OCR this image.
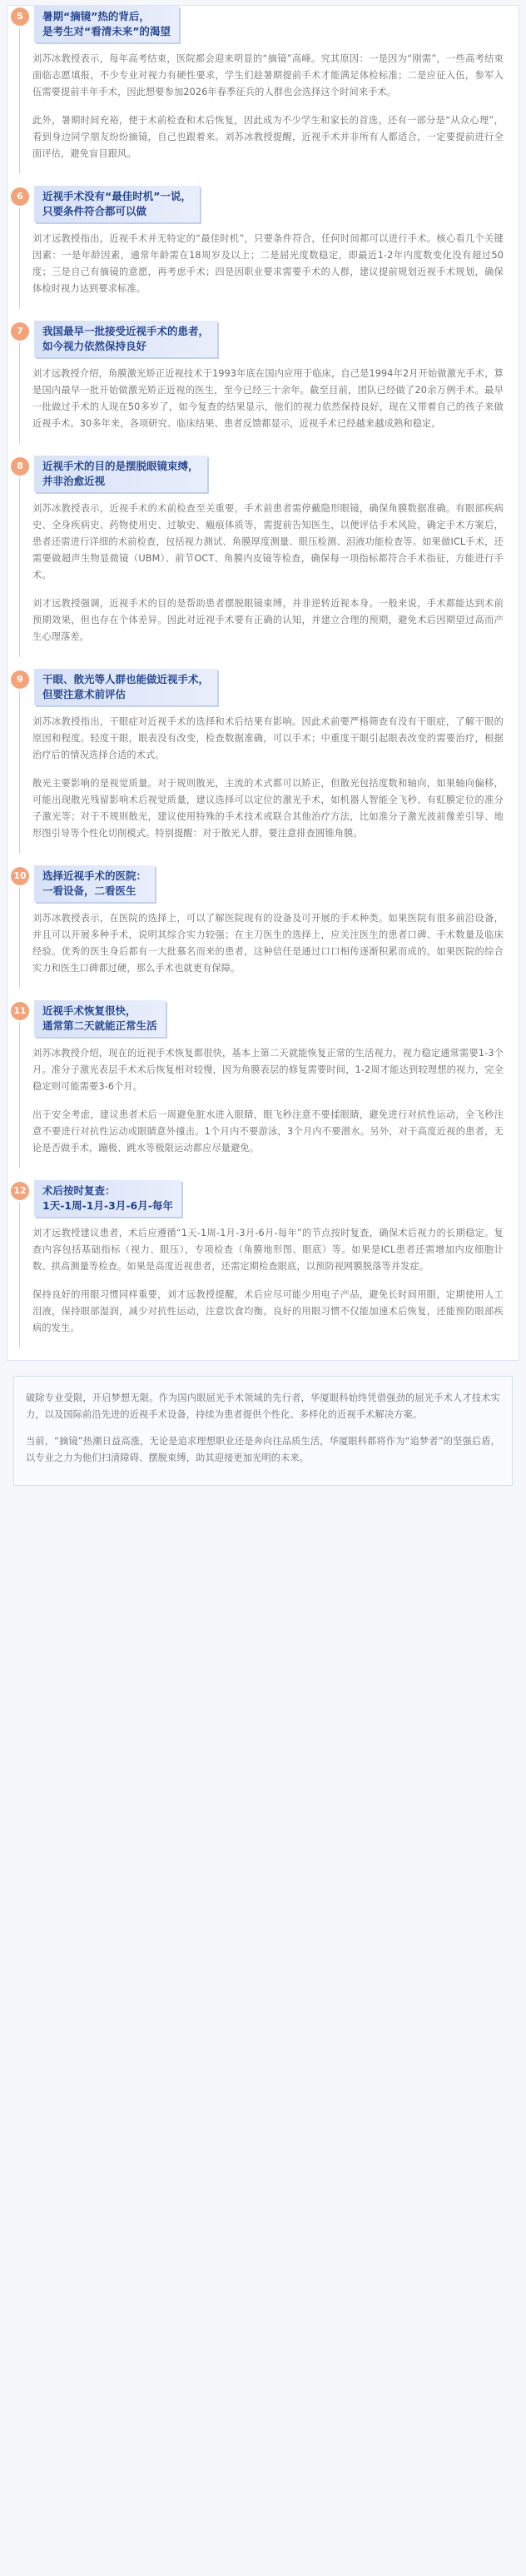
5	暑期“摘镜”热的背后，
是考生对“看清未来”的渴望

刘苏冰教授表示，每年高考结束，医院都会迎来明显的“摘镜”高峰。究其原因：一是因为“刚需”，一些高考结束面临志愿填报，不少专业对视力有硬性要求，学生们趁暑期提前手术才能满足体检标准；二是应征入伍，参军入伍需要提前半年手术，因此想要参加2026年春季征兵的人群也会选择这个时间来手术。

此外，暑期时间充裕，便于术前检查和术后恢复，因此成为不少学生和家长的首选。还有一部分是“从众心理”，看到身边同学朋友纷纷摘镜，自己也跟着来。刘苏冰教授提醒，近视手术并非所有人都适合，一定要提前进行全面评估，避免盲目跟风。

6	近视手术没有“最佳时机”一说，
只要条件符合都可以做

刘才远教授指出，近视手术并无特定的“最佳时机”，只要条件符合，任何时间都可以进行手术。核心看几个关键因素：一是年龄因素，通常年龄需在18周岁及以上；二是屈光度数稳定，即最近1-2年内度数变化没有超过50度；三是自己有摘镜的意愿，再考虑手术；四是因职业要求需要手术的人群，建议提前规划近视手术规划，确保体检时视力达到要求标准。

7	我国最早一批接受近视手术的患者，
如今视力依然保持良好

刘才远教授介绍，角膜激光矫正近视技术于1993年底在国内应用于临床，自己是1994年2月开始做激光手术，算是国内最早一批开始做激光矫正近视的医生，至今已经三十余年。截至目前，团队已经做了20余万例手术。最早一批做过手术的人现在50多岁了，如今复查的结果显示，他们的视力依然保持良好，现在又带着自己的孩子来做近视手术。30多年来，各项研究、临床结果、患者反馈都显示，近视手术已经越来越成熟和稳定。

8	近视手术的目的是摆脱眼镜束缚，
并非治愈近视

刘苏冰教授表示，近视手术的术前检查至关重要。手术前患者需停戴隐形眼镜，确保角膜数据准确。有眼部疾病史、全身疾病史、药物使用史、过敏史、瘢痕体质等，需提前告知医生，以便评估手术风险，确定手术方案后，患者还需进行详细的术前检查，包括视力测试、角膜厚度测量、眼压检测、泪液功能检查等。如果做ICL手术，还需要做超声生物显微镜（UBM）、前节OCT、角膜内皮镜等检查，确保每一项指标都符合手术指征，方能进行手术。

刘才远教授强调，近视手术的目的是帮助患者摆脱眼镜束缚，并非逆转近视本身。一般来说，手术都能达到术前预期效果，但也存在个体差异。因此对近视手术要有正确的认知，并建立合理的预期，避免术后因期望过高而产生心理落差。

9	干眼、散光等人群也能做近视手术，
但要注意术前评估

刘苏冰教授指出，干眼症对近视手术的选择和术后结果有影响。因此术前要严格筛查有没有干眼症，了解干眼的原因和程度。轻度干眼，眼表没有改变，检查数据准确，可以手术；中重度干眼引起眼表改变的需要治疗，根据治疗后的情况选择合适的术式。

散光主要影响的是视觉质量。对于规则散光，主流的术式都可以矫正，但散光包括度数和轴向，如果轴向偏移，可能出现散光残留影响术后视觉质量，建议选择可以定位的激光手术，如机器人智能全飞秒、有虹膜定位的准分子激光等；对于不规则散光，建议使用特殊的手术技术或联合其他治疗方法，比如准分子激光波前像差引导、地形图引导等个性化切削模式。特别提醒：对于散光人群，要注意排查圆锥角膜。

10 选择近视手术的医院：
一看设备，二看医生

刘苏冰教授表示，在医院的选择上，可以了解医院现有的设备及可开展的手术种类。如果医院有很多前沿设备，并且可以开展多种手术，说明其综合实力较强；在主刀医生的选择上，应关注医生的患者口碑、手术数量及临床经验。优秀的医生身后都有一大批慕名而来的患者，这种信任是通过口口相传逐渐积累而成的。如果医院的综合实力和医生口碑都过硬，那么手术也就更有保障。

11 近视手术恢复很快，
通常第二天就能正常生活

刘苏冰教授介绍，现在的近视手术恢复都很快，基本上第二天就能恢复正常的生活视力，视力稳定通常需要1-3个月。准分子激光表层手术术后恢复相对较慢，因为角膜表层的修复需要时间，1-2周才能达到较理想的视力，完全稳定则可能需要3-6个月。

出于安全考虑，建议患者术后一周避免脏水进入眼睛，眼飞秒注意不要揉眼睛，避免进行对抗性运动，全飞秒注意不要进行对抗性运动或眼睛意外撞击。1个月内不要游泳，3个月内不要潜水。另外，对于高度近视的患者，无论是否做手术，蹦极、跳水等极限运动都应尽量避免。

12 术后按时复查：
1天-1周-1月-3月-6月-每年

刘才远教授建议患者，术后应遵循“1天-1周-1月-3月-6月-每年”的节点按时复查，确保术后视力的长期稳定。复查内容包括基础指标（视力、眼压），专项检查（角膜地形图、眼底）等。如果是ICL患者还需增加内皮细胞计数、拱高测量等检查。如果是高度近视患者，还需定期检查眼底，以预防视网膜脱落等并发症。

保持良好的用眼习惯同样重要，刘才远教授提醒，术后应尽可能少用电子产品，避免长时间用眼，定期使用人工泪液，保持眼部湿润，减少对抗性运动，注意饮食均衡。良好的用眼习惯不仅能加速术后恢复，还能预防眼部疾病的发生。

破除专业受限，开启梦想无限。作为国内眼屈光手术领域的先行者，华厦眼科始终凭借强劲的屈光手术人才技术实力，以及国际前沿先进的近视手术设备，持续为患者提供个性化、多样化的近视手术解决方案。

当前，“摘镜”热潮日益高涨，无论是追求理想职业还是奔向往品质生活，华厦眼科都将作为“追梦者”的坚强后盾，以专业之力为他们扫清障碍、摆脱束缚，助其迎接更加光明的未来。
